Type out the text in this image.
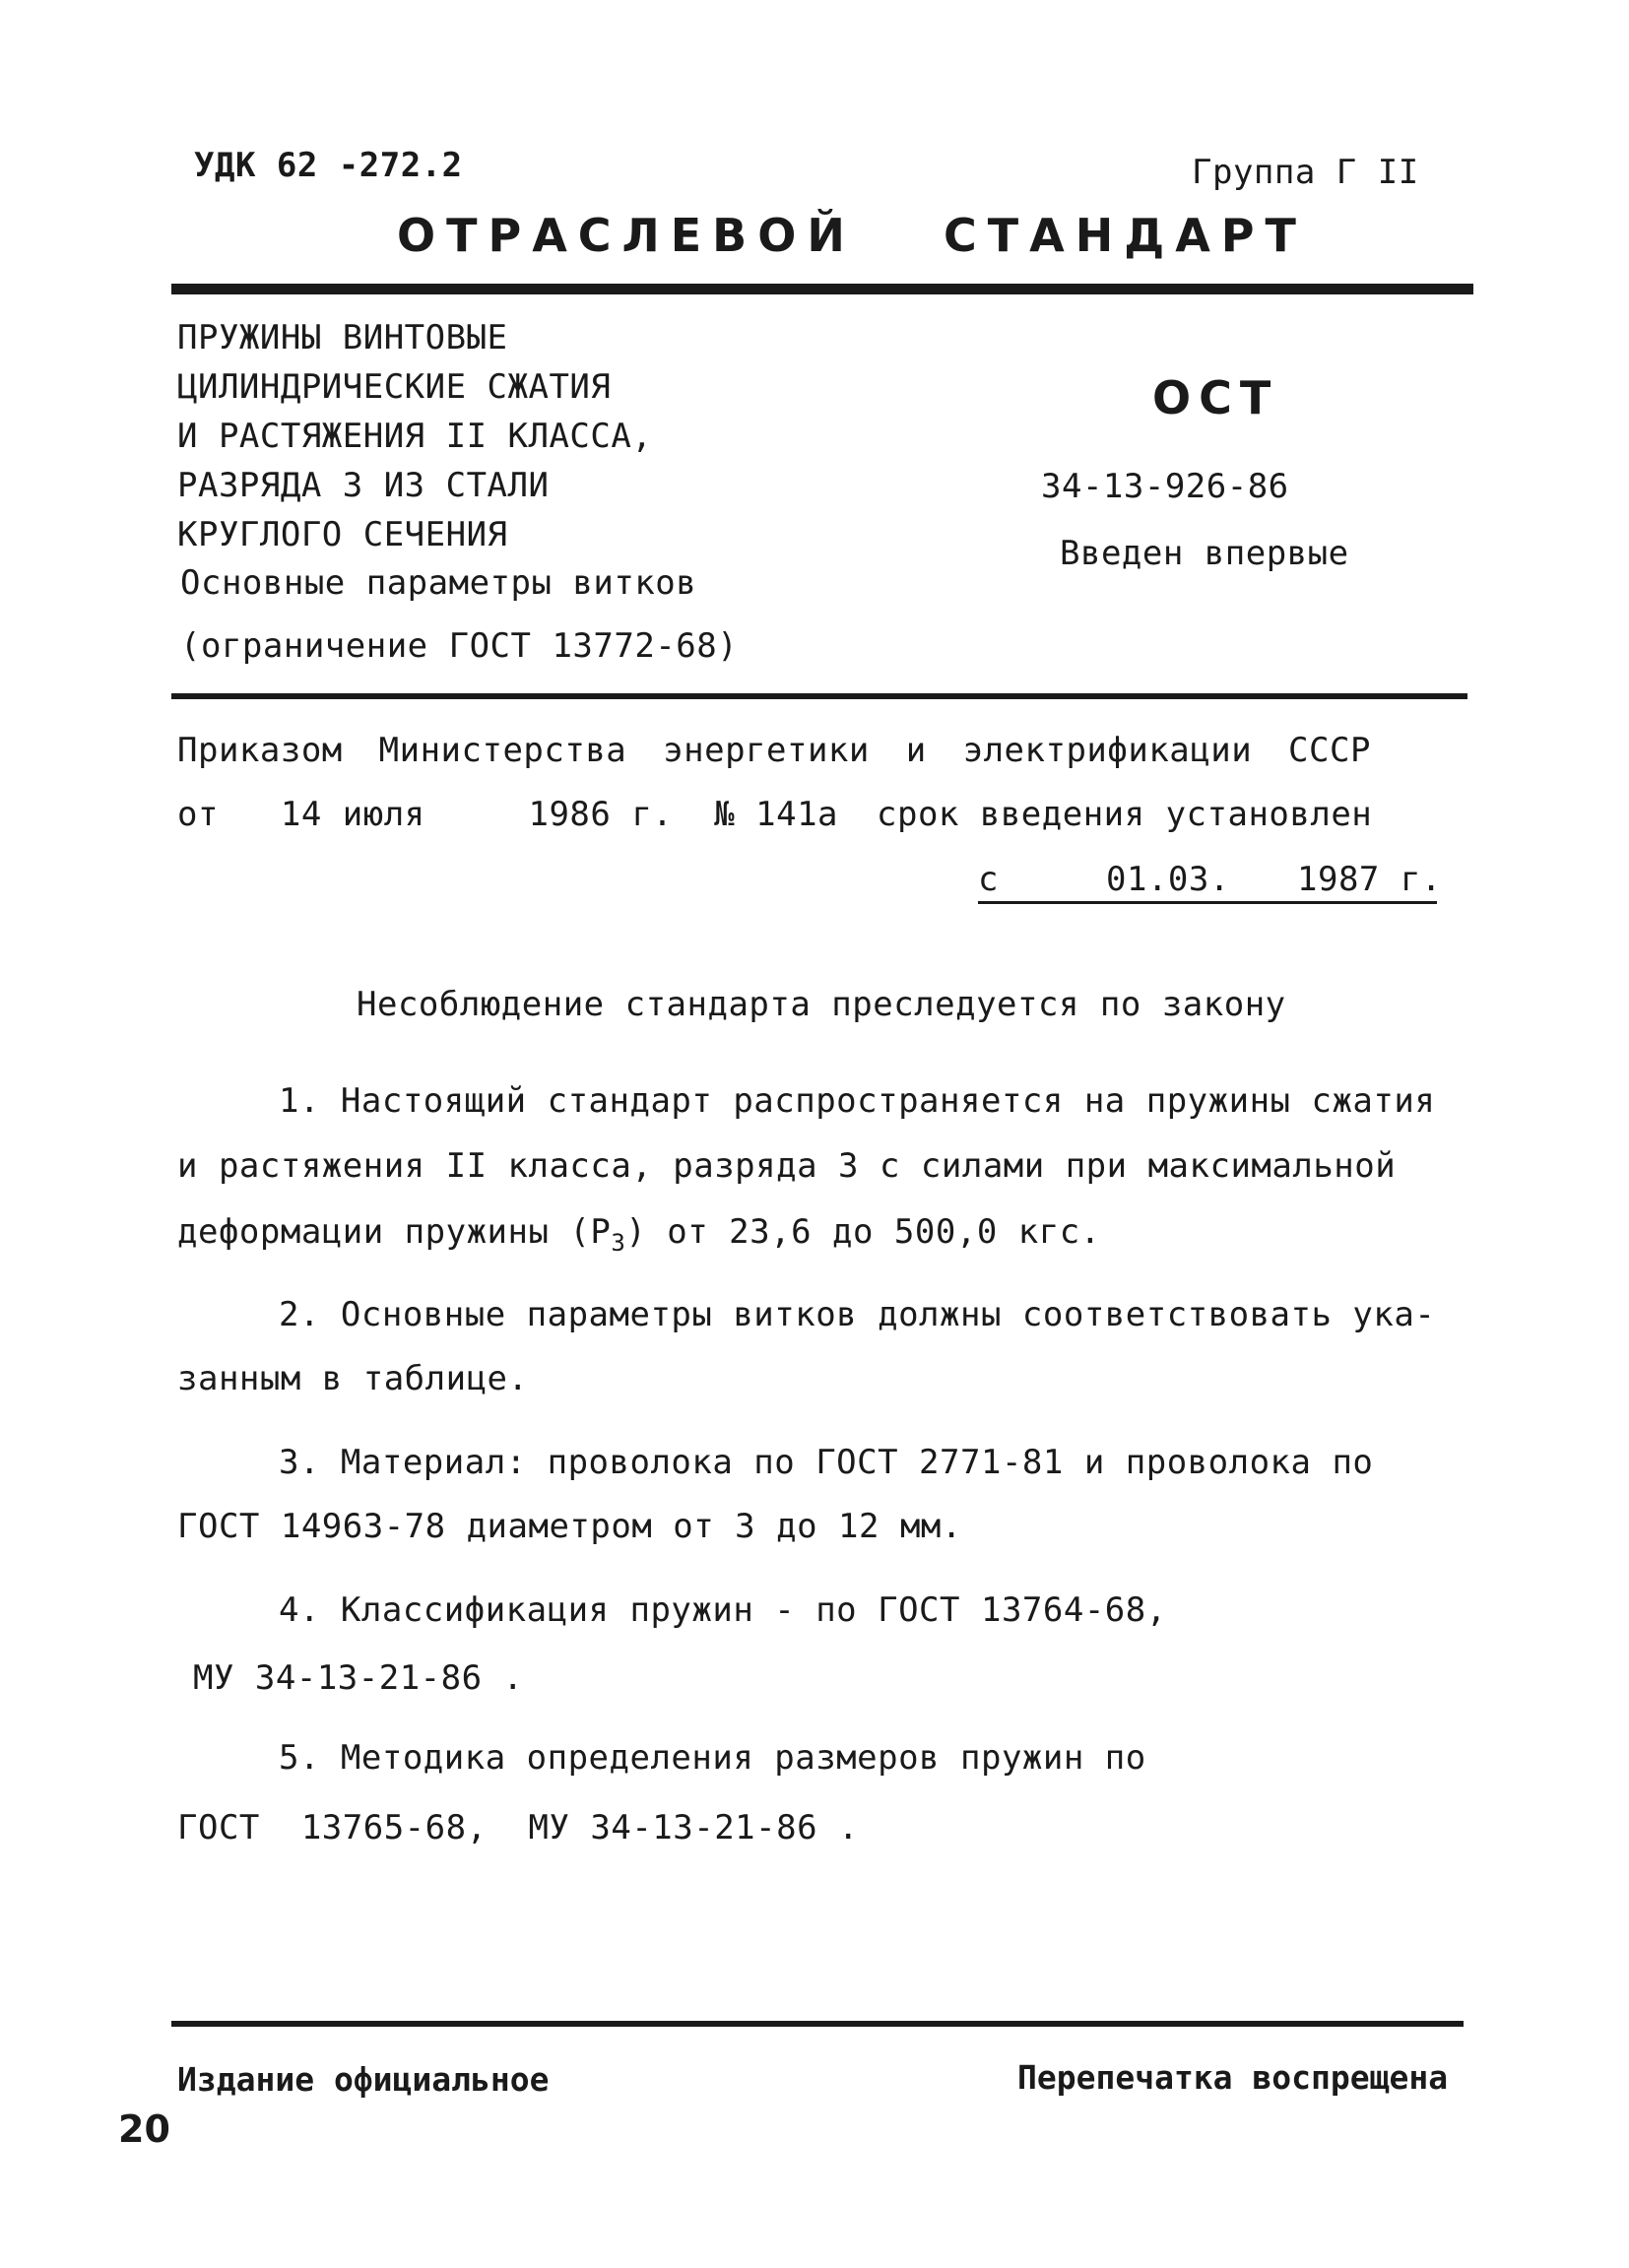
УДК 62 -272.2	Группа Г II
ОТРАСЛЕВОЙ СТАНДАРТ
ПРУЖИНЫ ВИНТОВЫЕ
ЦИЛИНДРИЧЕСКИЕ СЖАТИЯ
И РАСТЯЖЕНИЯ II КЛАССА,
РАЗРЯДА 3 ИЗ СТАЛИ
КРУГЛОГО СЕЧЕНИЯ
Основные параметры витков
(ограничение ГОСТ 13772-68)
ОСТ
34-13-926-86
Введен впервые
Приказом Министерства энергетики и электрификации СССР
от   14 июля     1986 г.  № 141а срок введения установлен
с	01.03. 1987 г.
Несоблюдение стандарта преследуется по закону
1. Настоящий стандарт распространяется на пружины сжатия
и растяжения II класса, разряда 3 с силами при максимальной
деформации пружины $(P_3)$ от 23,6 до 500,0 кгс.
2. Основные параметры витков должны соответствовать ука-
занным в таблице.
3. Материал: проволока по ГОСТ 2771-81 и проволока по
ГОСТ 14963-78 диаметром от 3 до 12 мм.
4. Классификация пружин - по ГОСТ 13764-68,
МУ 34-13-21-86 .
5. Методика определения размеров пружин по
ГОСТ  13765-68,  МУ 34-13-21-86 .
Издание официальное	Перепечатка воспрещена
20
